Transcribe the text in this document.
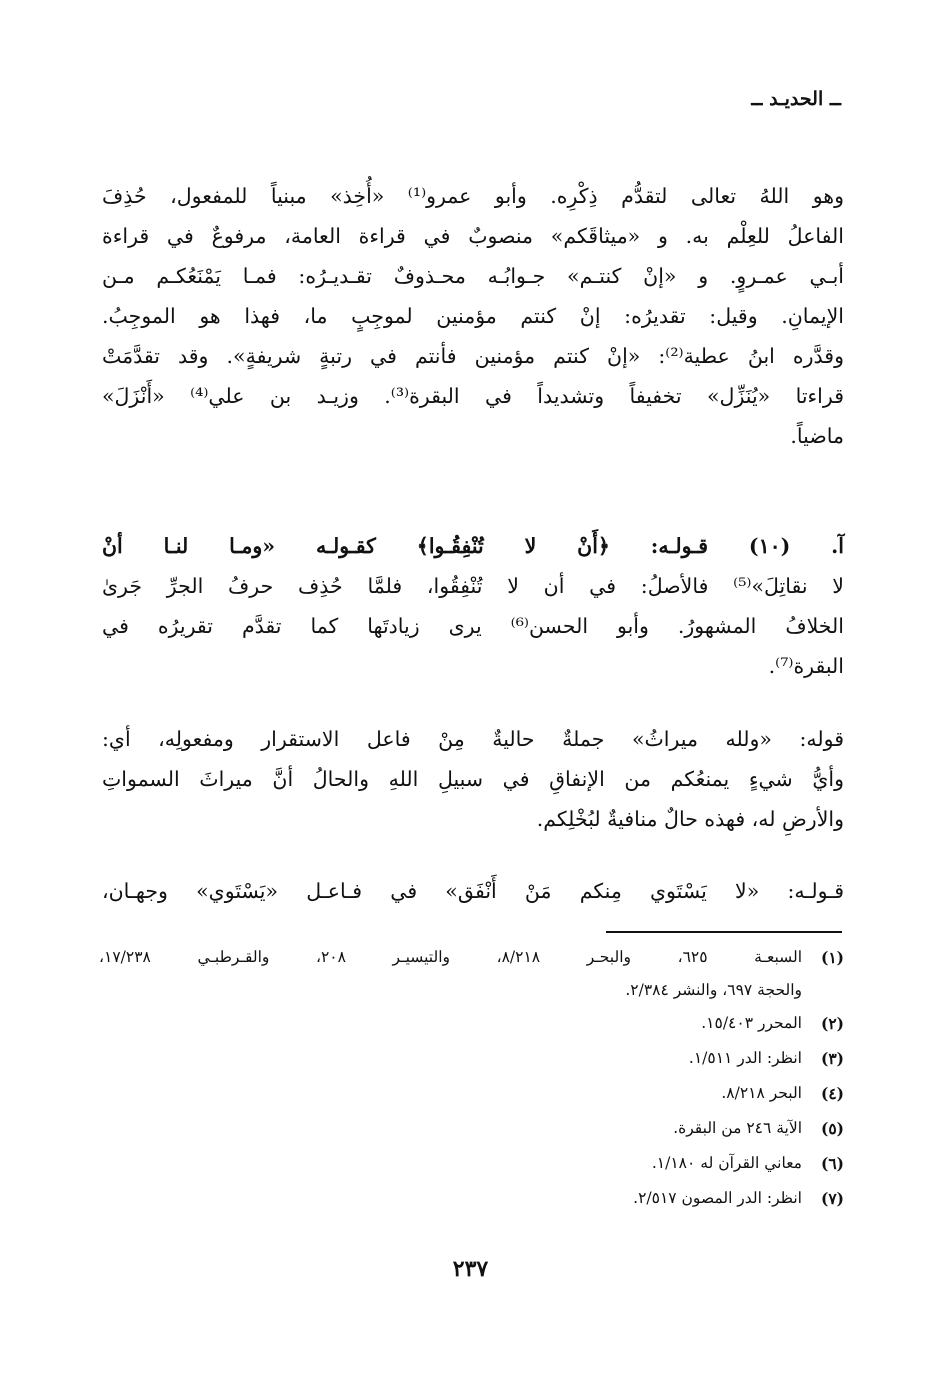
ــ الحديـد ــ
وهو اللهُ تعالى لتقدُّم ذِكْرِه. وأبو عمرو⁽¹⁾ «أُخِذ» مبنياً للمفعول، حُذِفَ
الفاعلُ للعِلْم به. و «ميثاقَكم» منصوبٌ في قراءة العامة، مرفوعٌ في قراءة
أبـي عمـروٍ. و «إنْ كنتـم» جـوابُـه محـذوفٌ تقـديـرُه: فمـا يَمْنَعُكـم مـن
الإيمانِ. وقيل: تقديرُه: إنْ كنتم مؤمنين لموجِبٍ ما، فهذا هو الموجِبُ.
وقدَّره ابنُ عطية⁽²⁾: «إنْ كنتم مؤمنين فأنتم في رتبةٍ شريفةٍ». وقد تقدَّمَتْ
قراءتا «يُنَزِّل» تخفيفاً وتشديداً في البقرة⁽³⁾. وزيـد بن علي⁽⁴⁾ «أَنْزَلَ»
ماضياً.
آ. (١٠) قـولـه: ﴿أَنْ لا تُنْفِقُـوا﴾ كقـولـه «ومـا لنـا أنْ
لا نقاتِلَ»⁽⁵⁾ فالأصلُ: في أن لا تُنْفِقُوا، فلمَّا حُذِف حرفُ الجرِّ جَرىٰ
الخلافُ المشهورُ. وأبو الحسن⁽⁶⁾ يرى زيادتَها كما تقدَّم تقريرُه في
البقرة⁽⁷⁾.
قوله: «ولله ميراثُ» جملةٌ حاليةٌ مِنْ فاعل الاستقرار ومفعولِه، أي:
وأيُّ شيءٍ يمنعُكم من الإنفاقِ في سبيلِ اللهِ والحالُ أنَّ ميراثَ السمواتِ
والأرضِ له، فهذه حالٌ منافيةٌ لبُخْلِكم.
قـولـه: «لا يَسْتَوي مِنكم مَنْ أَنْفَق» في فـاعـل «يَسْتَوي» وجهـان،
(١)
السبعـة ٦٢٥، والبحـر ٨/٢١٨، والتيسيـر ٢٠٨، والقـرطبـي ١٧/٢٣٨،
والحجة ٦٩٧، والنشر ٢/٣٨٤.
(٢)
المحرر ١٥/٤٠٣.
(٣)
انظر: الدر ١/٥١١.
(٤)
البحر ٨/٢١٨.
(٥)
الآية ٢٤٦ من البقرة.
(٦)
معاني القرآن له ١/١٨٠.
(٧)
انظر: الدر المصون ٢/٥١٧.
٢٣٧
